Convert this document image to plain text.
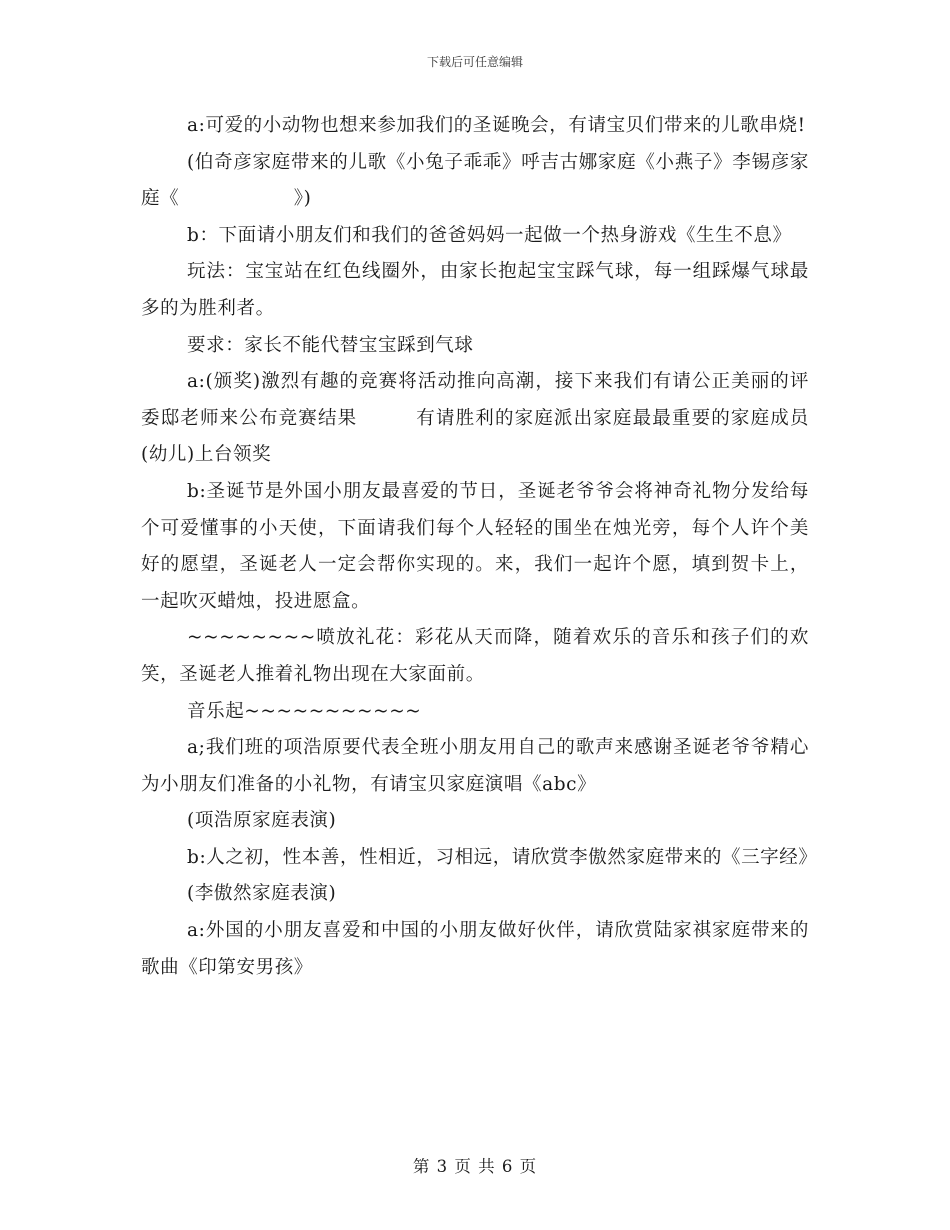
下载后可任意编辑

a:可爱的小动物也想来参加我们的圣诞晚会，有请宝贝们带来的儿歌串烧!

(伯奇彦家庭带来的儿歌《小兔子乖乖》呼吉古娜家庭《小燕子》李锡彦家庭《　　　　　　》)

b：下面请小朋友们和我们的爸爸妈妈一起做一个热身游戏《生生不息》

玩法：宝宝站在红色线圈外，由家长抱起宝宝踩气球，每一组踩爆气球最多的为胜利者。

要求：家长不能代替宝宝踩到气球

a:(颁奖)激烈有趣的竞赛将活动推向高潮，接下来我们有请公正美丽的评委邸老师来公布竞赛结果　　　有请胜利的家庭派出家庭最最重要的家庭成员(幼儿)上台领奖

b:圣诞节是外国小朋友最喜爱的节日，圣诞老爷爷会将神奇礼物分发给每个可爱懂事的小天使，下面请我们每个人轻轻的围坐在烛光旁，每个人许个美好的愿望，圣诞老人一定会帮你实现的。来，我们一起许个愿，填到贺卡上，一起吹灭蜡烛，投进愿盒。

~~~~~~~~喷放礼花：彩花从天而降，随着欢乐的音乐和孩子们的欢笑，圣诞老人推着礼物出现在大家面前。

音乐起~~~~~~~~~~~

a;我们班的项浩原要代表全班小朋友用自己的歌声来感谢圣诞老爷爷精心为小朋友们准备的小礼物，有请宝贝家庭演唱《abc》

(项浩原家庭表演)

b:人之初，性本善，性相近，习相远，请欣赏李傲然家庭带来的《三字经》

(李傲然家庭表演)

a:外国的小朋友喜爱和中国的小朋友做好伙伴，请欣赏陆家祺家庭带来的歌曲《印第安男孩》

第 3 页 共 6 页
